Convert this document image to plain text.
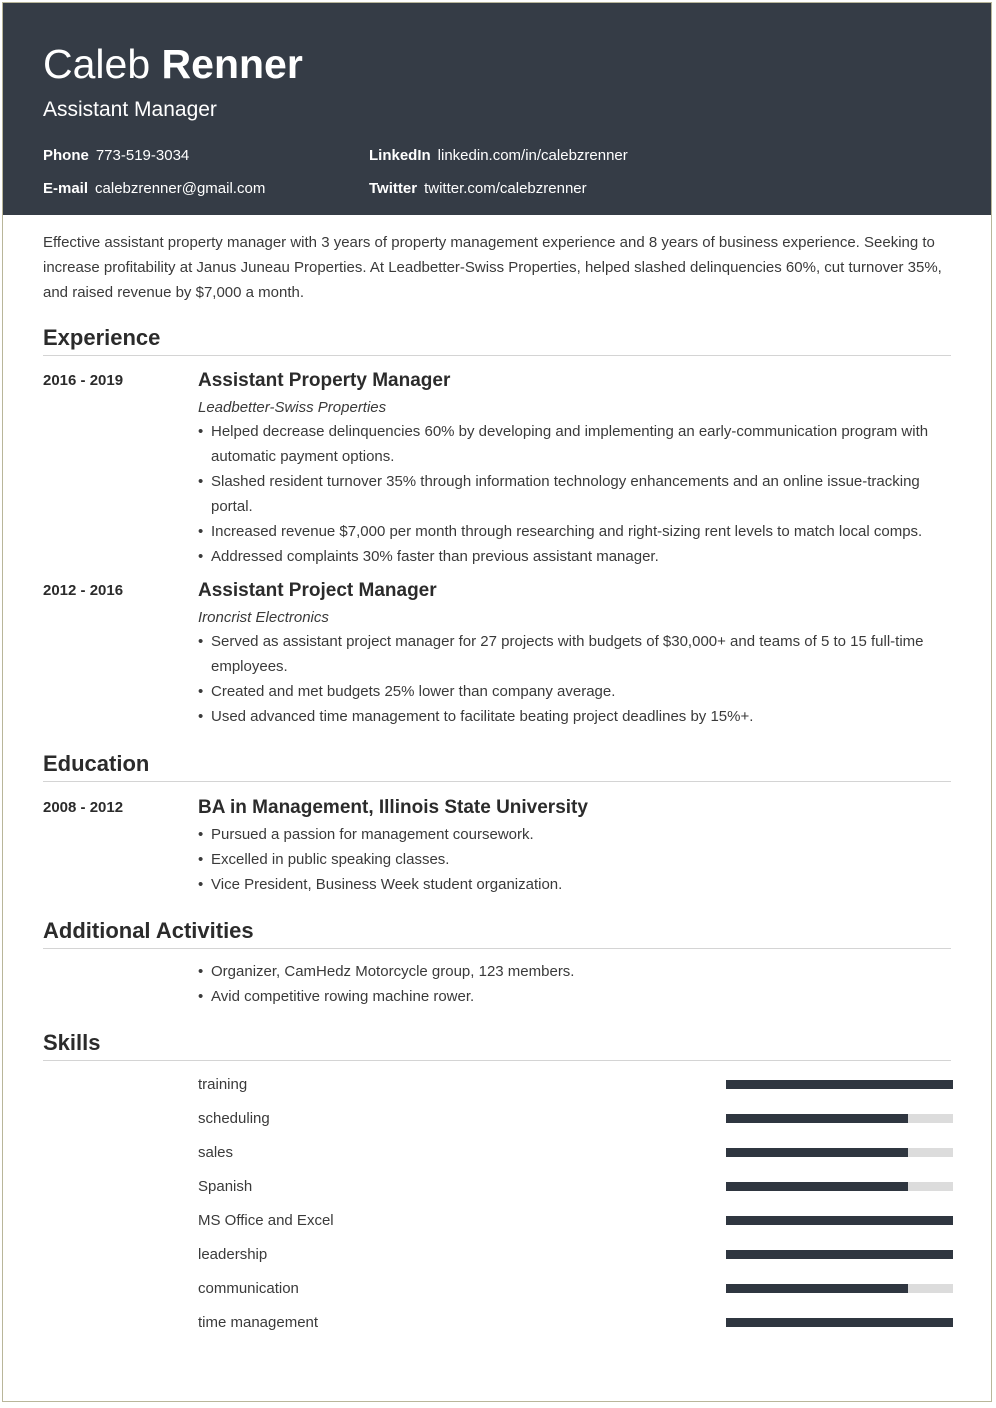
Caleb Renner
Assistant Manager
Phone 773-519-3034
E-mail calebzrenner@gmail.com
LinkedIn linkedin.com/in/calebzrenner
Twitter twitter.com/calebzrenner
Effective assistant property manager with 3 years of property management experience and 8 years of business experience. Seeking to increase profitability at Janus Juneau Properties. At Leadbetter-Swiss Properties, helped slashed delinquencies 60%, cut turnover 35%, and raised revenue by $7,000 a month.
Experience
2016 - 2019	Assistant Property Manager
Leadbetter-Swiss Properties
• Helped decrease delinquencies 60% by developing and implementing an early-communication program with automatic payment options.
• Slashed resident turnover 35% through information technology enhancements and an online issue-tracking portal.
• Increased revenue $7,000 per month through researching and right-sizing rent levels to match local comps.
• Addressed complaints 30% faster than previous assistant manager.
2012 - 2016	Assistant Project Manager
Ironcrist Electronics
• Served as assistant project manager for 27 projects with budgets of $30,000+ and teams of 5 to 15 full-time employees.
• Created and met budgets 25% lower than company average.
• Used advanced time management to facilitate beating project deadlines by 15%+.
Education
2008 - 2012	BA in Management, Illinois State University
• Pursued a passion for management coursework.
• Excelled in public speaking classes.
• Vice President, Business Week student organization.
Additional Activities
• Organizer, CamHedz Motorcycle group, 123 members.
• Avid competitive rowing machine rower.
Skills
training
scheduling
sales
Spanish
MS Office and Excel
leadership
communication
time management
